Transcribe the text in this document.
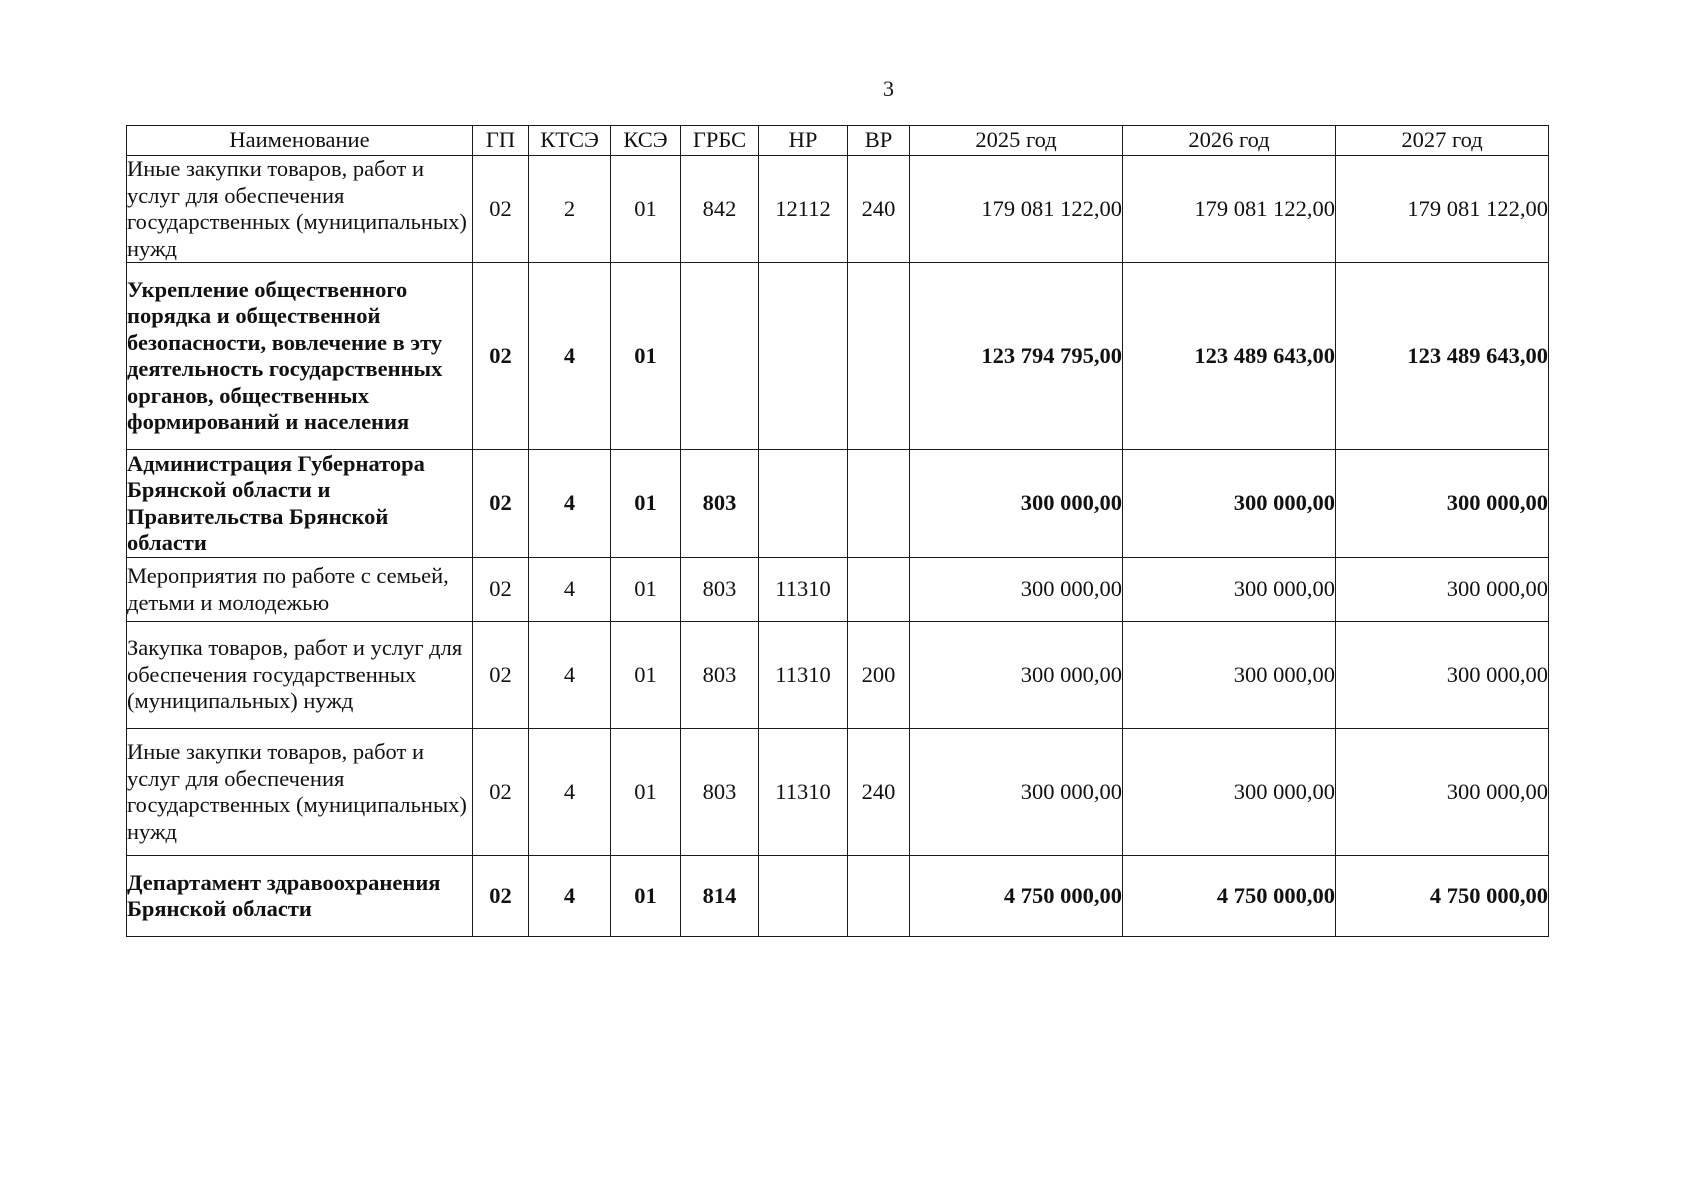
3
Наименование	ГП	КТСЭ	КСЭ	ГРБС	НР	ВР	2025 год	2026 год	2027 год
Иные закупки товаров, работ и услуг для обеспечения государственных (муниципальных) нужд	02	2	01	842	12112	240	179 081 122,00	179 081 122,00	179 081 122,00
Укрепление общественного порядка и общественной безопасности, вовлечение в эту деятельность государственных органов, общественных формирований и населения	02	4	01				123 794 795,00	123 489 643,00	123 489 643,00
Администрация Губернатора Брянской области и Правительства Брянской области	02	4	01	803			300 000,00	300 000,00	300 000,00
Мероприятия по работе с семьей, детьми и молодежью	02	4	01	803	11310		300 000,00	300 000,00	300 000,00
Закупка товаров, работ и услуг для обеспечения государственных (муниципальных) нужд	02	4	01	803	11310	200	300 000,00	300 000,00	300 000,00
Иные закупки товаров, работ и услуг для обеспечения государственных (муниципальных) нужд	02	4	01	803	11310	240	300 000,00	300 000,00	300 000,00
Департамент здравоохранения Брянской области	02	4	01	814			4 750 000,00	4 750 000,00	4 750 000,00
